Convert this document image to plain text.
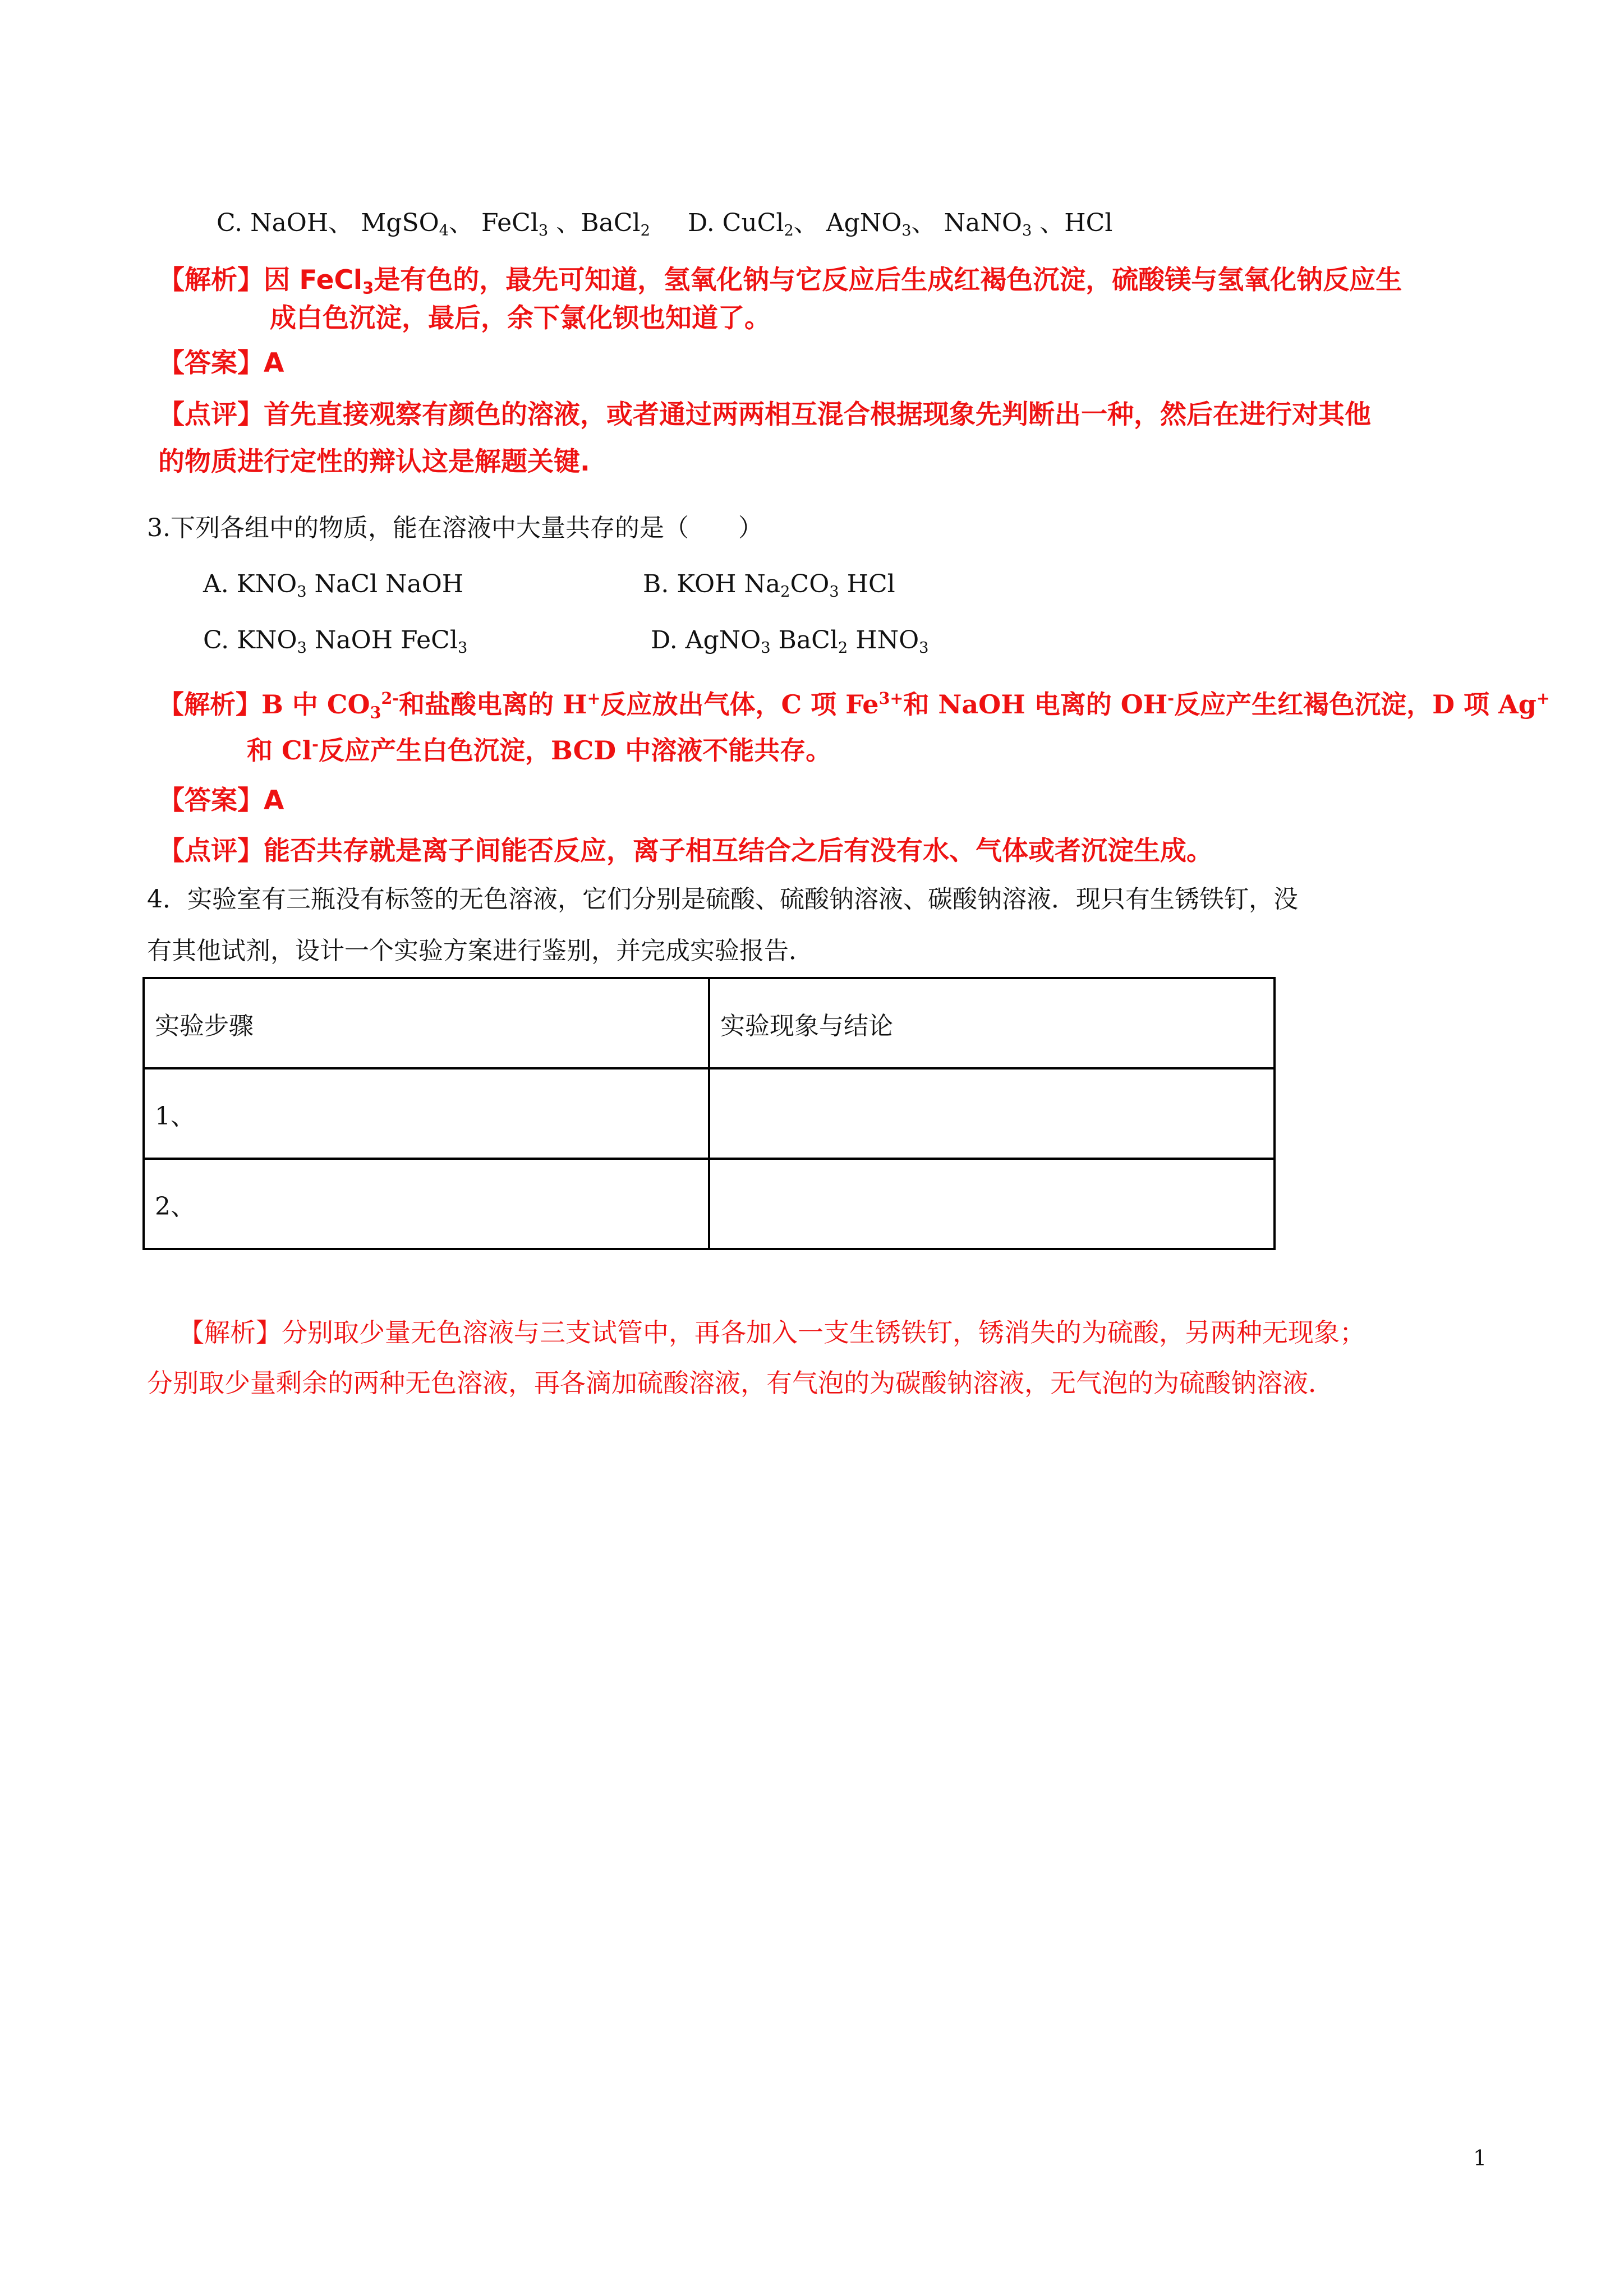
C. NaOH、 MgSO$_4$、 FeCl$_3$ 、BaCl$_2$ D. CuCl$_2$、 AgNO$_3$、 NaNO$_3$ 、HCl
【解析】因 FeCl$_3$是有色的，最先可知道，氢氧化钠与它反应后生成红褐色沉淀，硫酸镁与氢氧化钠反应生
成白色沉淀，最后，余下氯化钡也知道了。
【答案】A
【点评】首先直接观察有颜色的溶液，或者通过两两相互混合根据现象先判断出一种，然后在进行对其他
的物质进行定性的辩认这是解题关键.
3.下列各组中的物质，能在溶液中大量共存的是（　　）
A. $KNO_3$ NaCl NaOH	B. KOH $Na_2CO_3$ HCl
C. $KNO_3$ NaOH FeCl$_3$	D. AgNO$_3$ BaCl$_2$ $HNO_3$
【解析】B 中 $CO_3^{2-}$和盐酸电离的 H+反应放出气体，C 项 $Fe^{3+}$和 NaOH 电离的 OH-反应产生红褐色沉淀，D 项 Ag+
和 Cl-反应产生白色沉淀，BCD 中溶液不能共存。
【答案】A
【点评】能否共存就是离子间能否反应，离子相互结合之后有没有水、气体或者沉淀生成。
4．实验室有三瓶没有标签的无色溶液，它们分别是硫酸、硫酸钠溶液、碳酸钠溶液．现只有生锈铁钉，没
有其他试剂，设计一个实验方案进行鉴别，并完成实验报告．
实验步骤	实验现象与结论
1、	
2、	
【解析】分别取少量无色溶液与三支试管中，再各加入一支生锈铁钉，锈消失的为硫酸，另两种无现象；
分别取少量剩余的两种无色溶液，再各滴加硫酸溶液，有气泡的为碳酸钠溶液，无气泡的为硫酸钠溶液．
1
